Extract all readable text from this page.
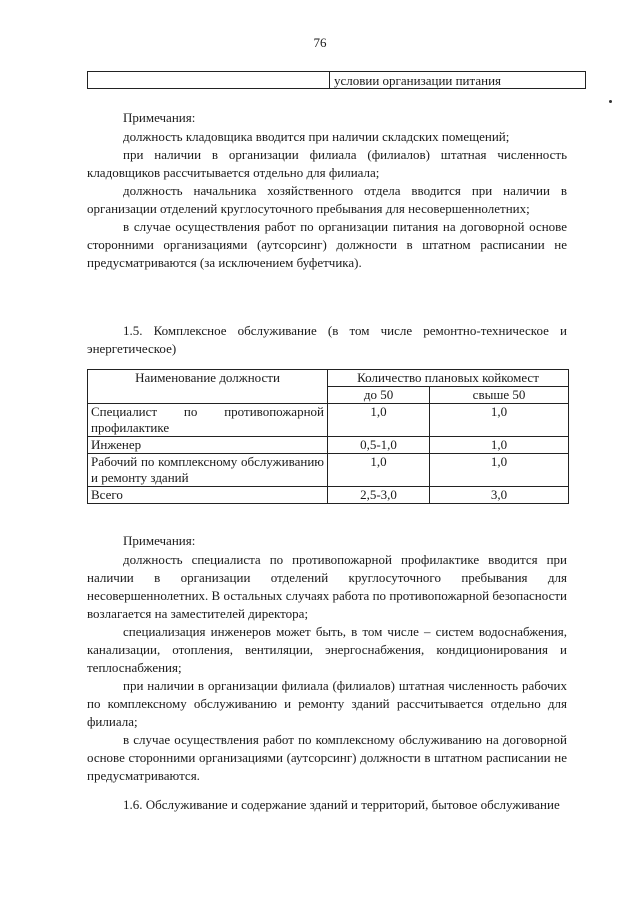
76
	условии организации питания
Примечания:

должность кладовщика вводится при наличии складских помещений;

при наличии в организации филиала (филиалов) штатная численность кладовщиков рассчитывается отдельно для филиала;

должность начальника хозяйственного отдела вводится при наличии в организации отделений круглосуточного пребывания для несовершеннолетних;

в случае осуществления работ по организации питания на договорной основе сторонними организациями (аутсорсинг) должности в штатном расписании не предусматриваются (за исключением буфетчика).

1.5. Комплексное обслуживание (в том числе ремонтно-техническое и энергетическое)

Наименование должности	Количество плановых койкомест	
	до 50	свыше 50
Специалист по противопожарной профилактике	1,0	1,0
Инженер	0,5-1,0	1,0
Рабочий по комплексному обслуживанию и ремонту зданий	1,0	1,0
Всего	2,5-3,0	3,0
Примечания:

должность специалиста по противопожарной профилактике вводится при наличии в организации отделений круглосуточного пребывания для несовершеннолетних. В остальных случаях работа по противопожарной безопасности возлагается на заместителей директора;

специализация инженеров может быть, в том числе – систем водоснабжения, канализации, отопления, вентиляции, энергоснабжения, кондиционирования и теплоснабжения;

при наличии в организации филиала (филиалов) штатная численность рабочих по комплексному обслуживанию и ремонту зданий рассчитывается отдельно для филиала;

в случае осуществления работ по комплексному обслуживанию на договорной основе сторонними организациями (аутсорсинг) должности в штатном расписании не предусматриваются.

1.6. Обслуживание и содержание зданий и территорий, бытовое обслуживание
